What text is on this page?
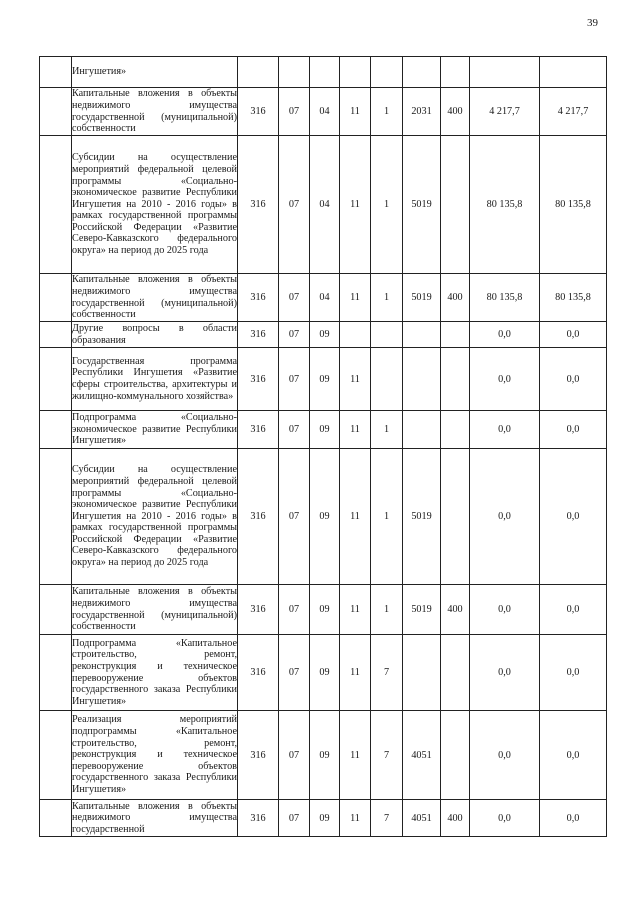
39
	Ингушетия»									
	Капитальные вложения в объекты недвижимого имущества государственной (муниципальной) собственности	316	07	04	11	1	2031	400	4 217,7	4 217,7
	Субсидии на осуществление мероприятий федеральной целевой программы «Социально-экономическое развитие Республики Ингушетия на 2010 - 2016 годы» в рамках государственной программы Российской Федерации «Развитие Северо-Кавказского федерального округа» на период до 2025 года	316	07	04	11	1	5019		80 135,8	80 135,8
	Капитальные вложения в объекты недвижимого имущества государственной (муниципальной) собственности	316	07	04	11	1	5019	400	80 135,8	80 135,8
	Другие вопросы в области образования	316	07	09					0,0	0,0
	Государственная программа Республики Ингушетия «Развитие сферы строительства, архитектуры и жилищно-коммунального хозяйства»	316	07	09	11				0,0	0,0
	Подпрограмма «Социально-экономическое развитие Республики Ингушетия»	316	07	09	11	1			0,0	0,0
	Субсидии на осуществление мероприятий федеральной целевой программы «Социально-экономическое развитие Республики Ингушетия на 2010 - 2016 годы» в рамках государственной программы Российской Федерации «Развитие Северо-Кавказского федерального округа» на период до 2025 года	316	07	09	11	1	5019		0,0	0,0
	Капитальные вложения в объекты недвижимого имущества государственной (муниципальной) собственности	316	07	09	11	1	5019	400	0,0	0,0
	Подпрограмма «Капитальное строительство, ремонт, реконструкция и техническое перевооружение объектов государственного заказа Республики Ингушетия»	316	07	09	11	7			0,0	0,0
	Реализация мероприятий подпрограммы «Капитальное строительство, ремонт, реконструкция и техническое перевооружение объектов государственного заказа Республики Ингушетия»	316	07	09	11	7	4051		0,0	0,0
	Капитальные вложения в объекты недвижимого имущества государственной	316	07	09	11	7	4051	400	0,0	0,0
